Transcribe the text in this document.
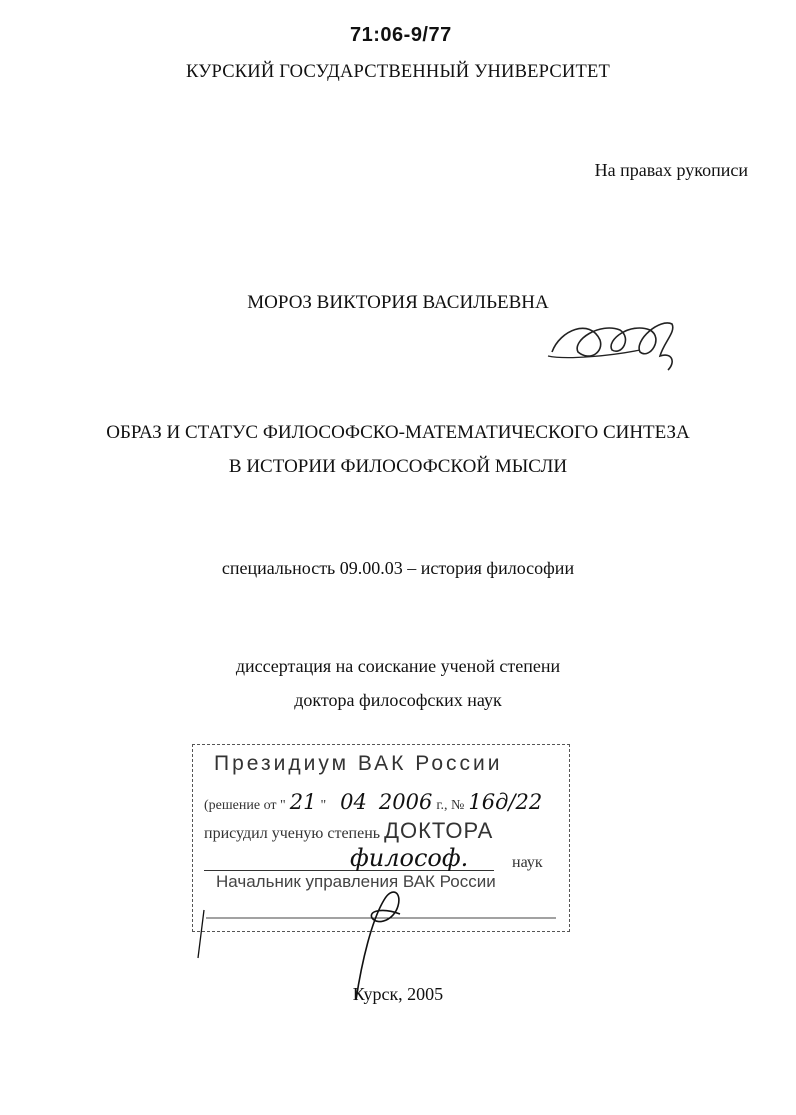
71:06-9/77
КУРСКИЙ ГОСУДАРСТВЕННЫЙ УНИВЕРСИТЕТ
На правах рукописи
МОРОЗ ВИКТОРИЯ ВАСИЛЬЕВНА
ОБРАЗ И СТАТУС ФИЛОСОФСКО-МАТЕМАТИЧЕСКОГО СИНТЕЗА
В ИСТОРИИ ФИЛОСОФСКОЙ МЫСЛИ
специальность 09.00.03 – история философии
диссертация на соискание ученой степени
доктора философских наук
Президиум ВАК России
(решение от " 21 " 04 2006 г., № 16д/22
присудил ученую степень ДОКТОРА
философ.	наук
Начальник управления ВАК России
Курск, 2005
